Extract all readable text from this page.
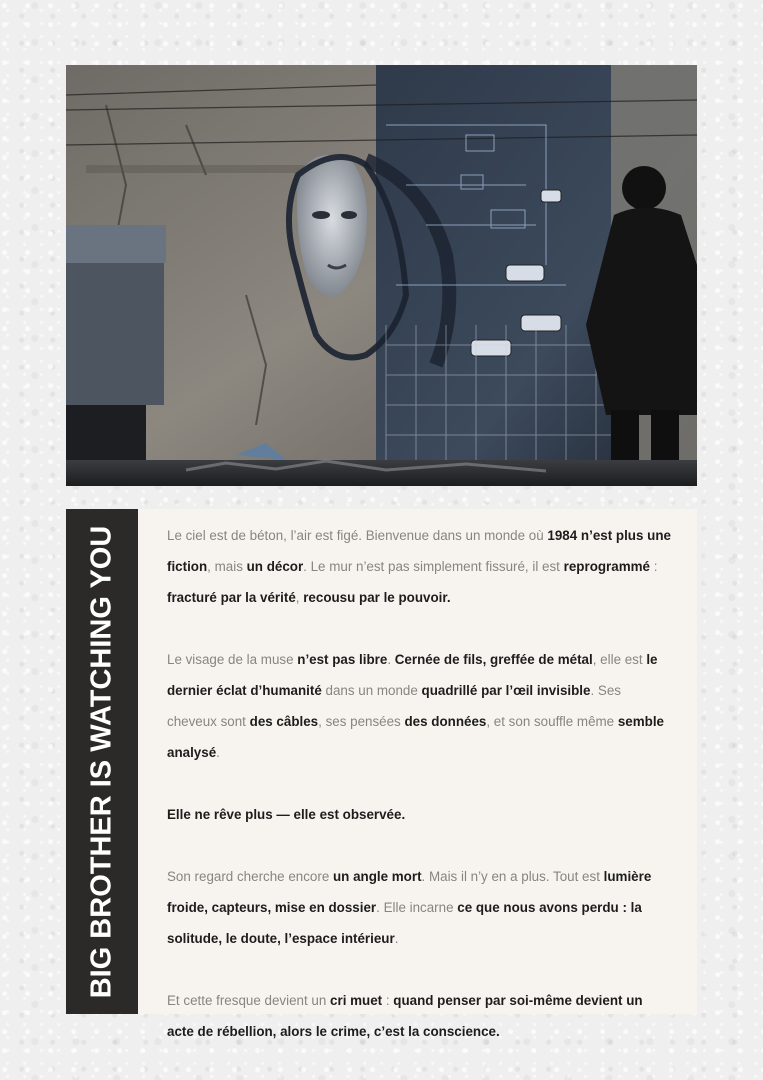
BIG BROTHER IS WATCHING YOU	Le ciel est de béton, l’air est figé. Bienvenue dans un monde où 1984 n’est plus une fiction, mais un décor. Le mur n’est pas simplement fissuré, il est reprogrammé : fracturé par la vérité, recousu par le pouvoir.

Le visage de la muse n’est pas libre. Cernée de fils, greffée de métal, elle est le dernier éclat d’humanité dans un monde quadrillé par l’œil invisible. Ses cheveux sont des câbles, ses pensées des données, et son souffle même semble analysé.

Elle ne rêve plus — elle est observée.

Son regard cherche encore un angle mort. Mais il n’y en a plus. Tout est lumière froide, capteurs, mise en dossier. Elle incarne ce que nous avons perdu : la solitude, le doute, l’espace intérieur.

Et cette fresque devient un cri muet : quand penser par soi-même devient un acte de rébellion, alors le crime, c’est la conscience.
